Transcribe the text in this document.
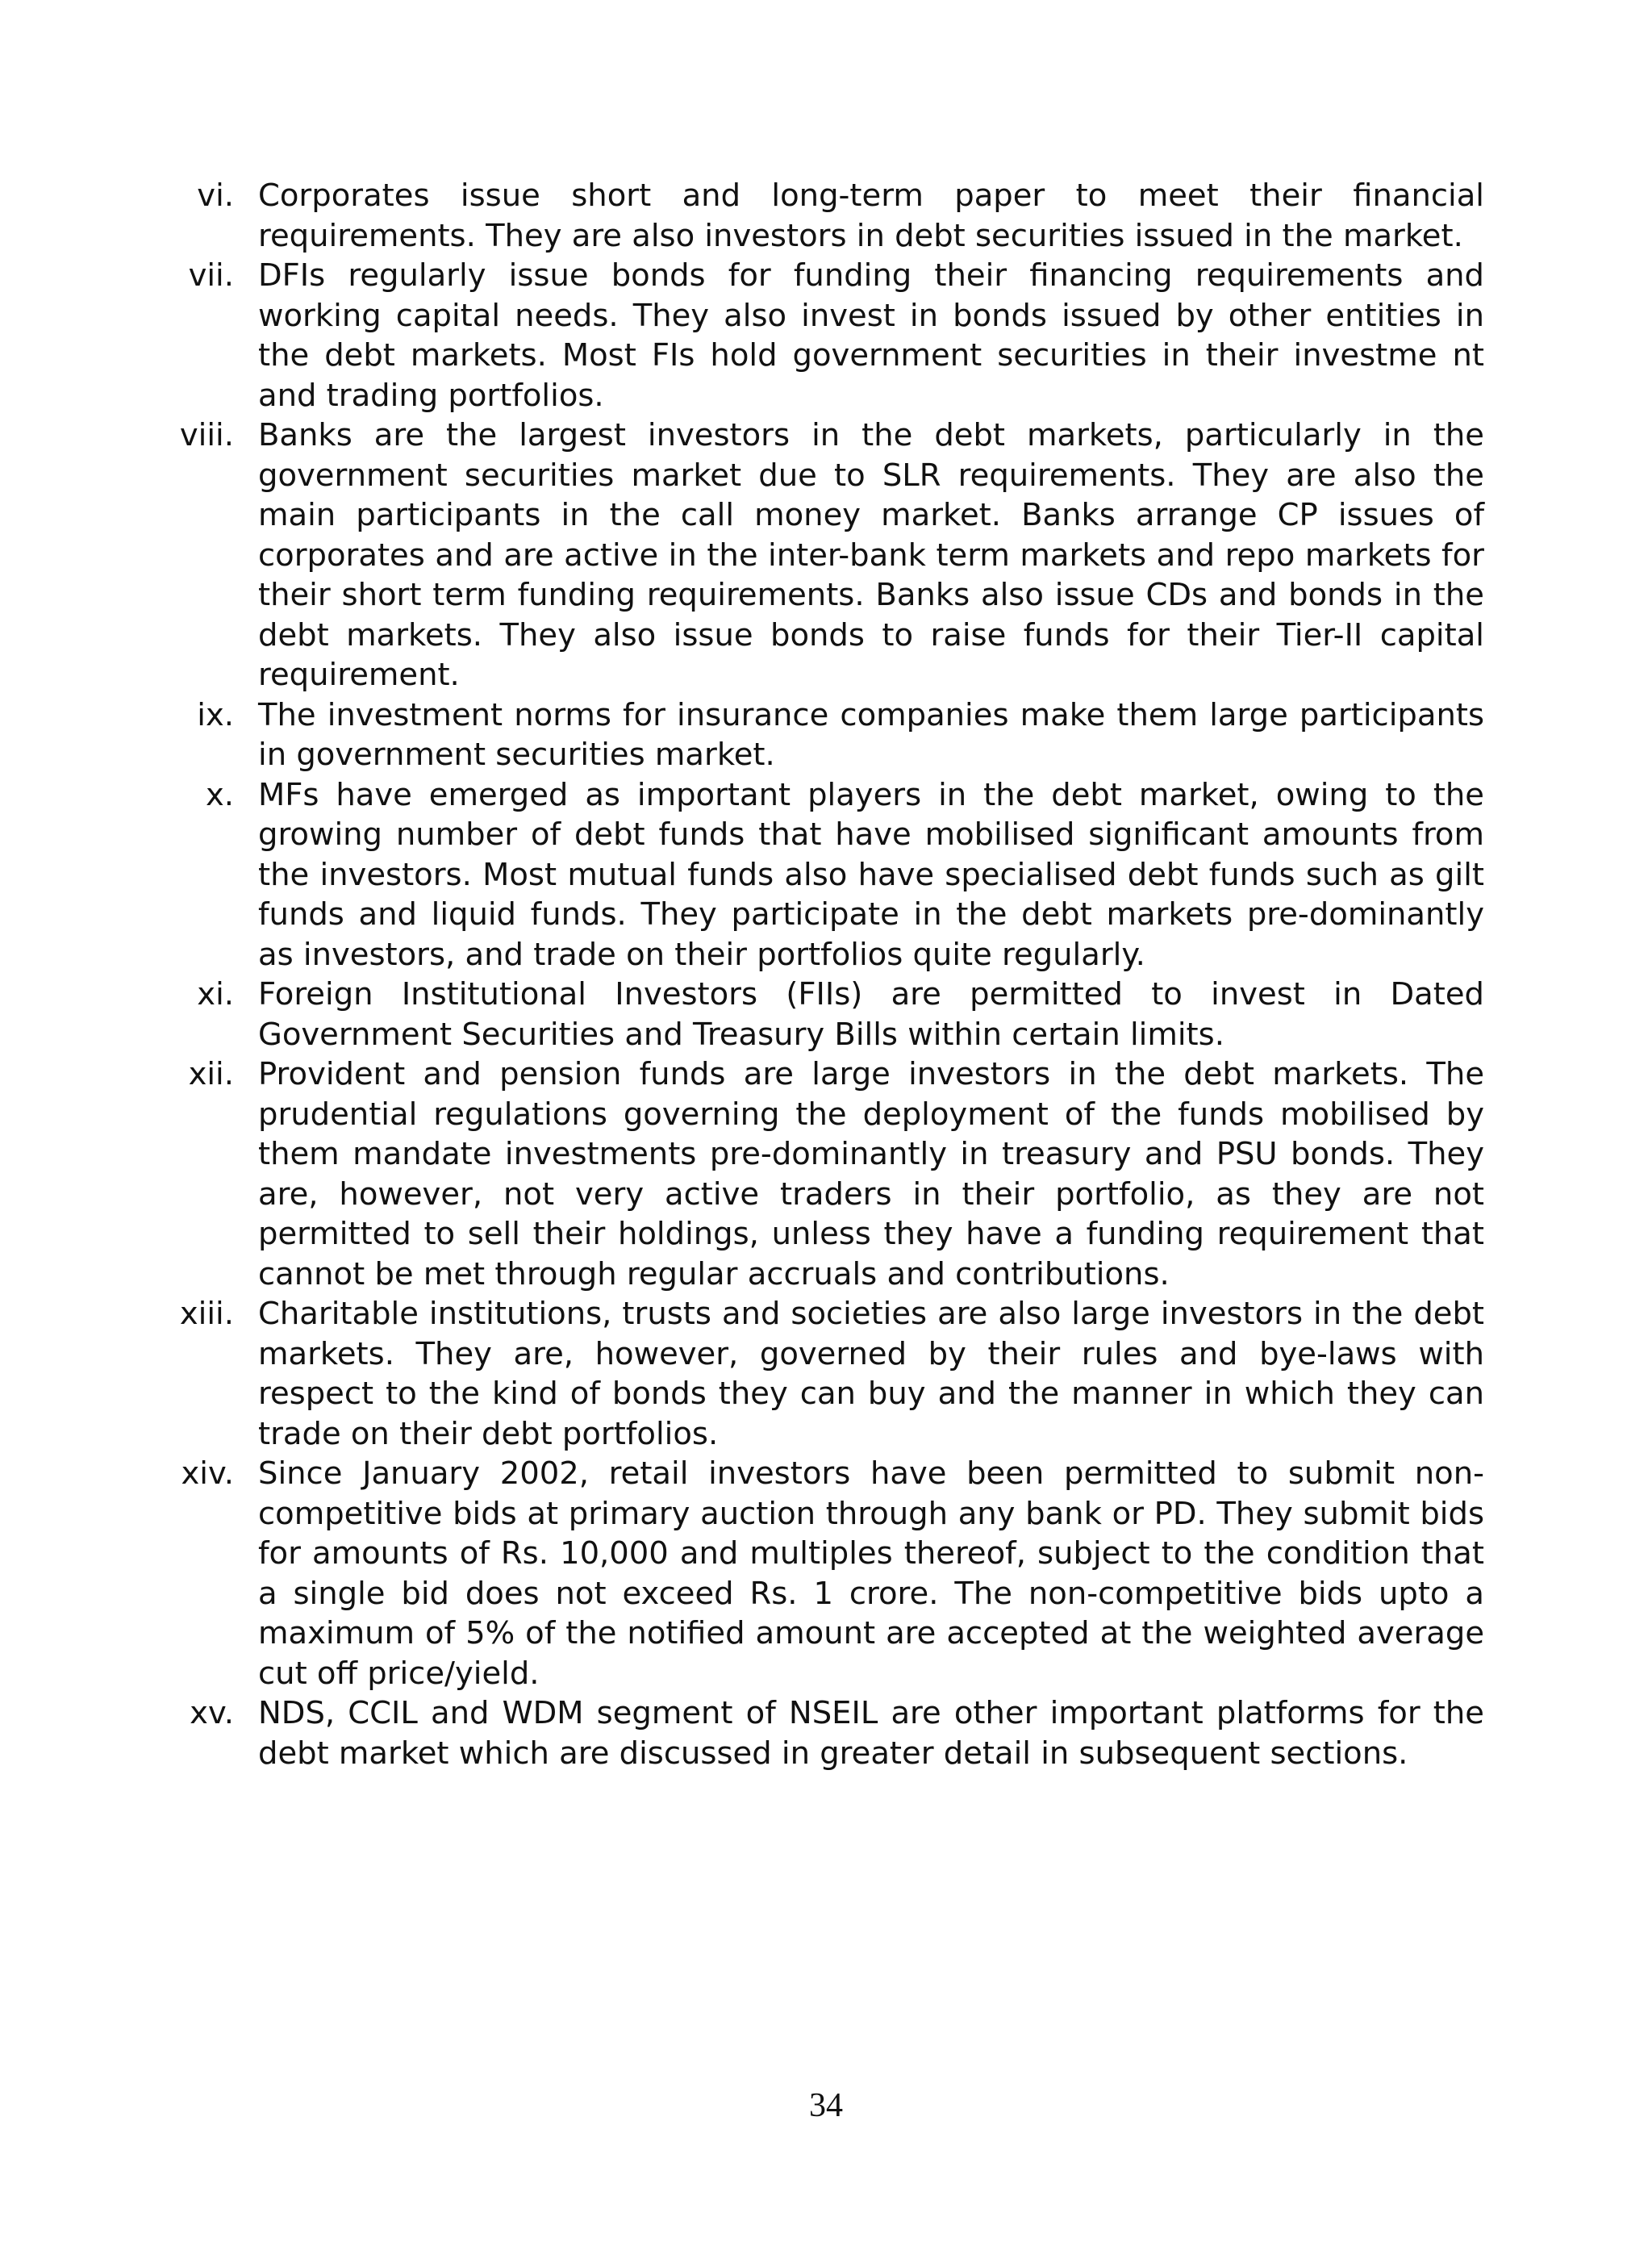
vi. Corporates issue short and long-term paper to meet their financial requirements. They are also investors in debt securities issued in the market.
vii. DFIs regularly issue bonds for funding their financing requirements and working capital needs. They also invest in bonds issued by other entities in the debt markets. Most FIs hold government securities in their investme nt and trading portfolios.
viii. Banks are the largest investors in the debt markets, particularly in the government securities market due to SLR requirements. They are also the main participants in the call money market. Banks arrange CP issues of corporates and are active in the inter-bank term markets and repo markets for their short term funding requirements. Banks also issue CDs and bonds in the debt markets. They also issue bonds to raise funds for their Tier-II capital requirement.
ix. The investment norms for insurance companies make them large participants in government securities market.
x. MFs have emerged as important players in the debt market, owing to the growing number of debt funds that have mobilised significant amounts from the investors. Most mutual funds also have specialised debt funds such as gilt funds and liquid funds. They participate in the debt markets pre-dominantly as investors, and trade on their portfolios quite regularly.
xi. Foreign Institutional Investors (FIIs) are permitted to invest in Dated Government Securities and Treasury Bills within certain limits.
xii. Provident and pension funds are large investors in the debt markets. The prudential regulations governing the deployment of the funds mobilised by them mandate investments pre-dominantly in treasury and PSU bonds. They are, however, not very active traders in their portfolio, as they are not permitted to sell their holdings, unless they have a funding requirement that cannot be met through regular accruals and contributions.
xiii. Charitable institutions, trusts and societies are also large investors in the debt markets. They are, however, governed by their rules and bye-laws with respect to the kind of bonds they can buy and the manner in which they can trade on their debt portfolios.
xiv. Since January 2002, retail investors have been permitted to submit non-competitive bids at primary auction through any bank or PD. They submit bids for amounts of Rs. 10,000 and multiples thereof, subject to the condition that a single bid does not exceed Rs. 1 crore. The non-competitive bids upto a maximum of 5% of the notified amount are accepted at the weighted average cut off price/yield.
xv. NDS, CCIL and WDM segment of NSEIL are other important platforms for the debt market which are discussed in greater detail in subsequent sections.
34
